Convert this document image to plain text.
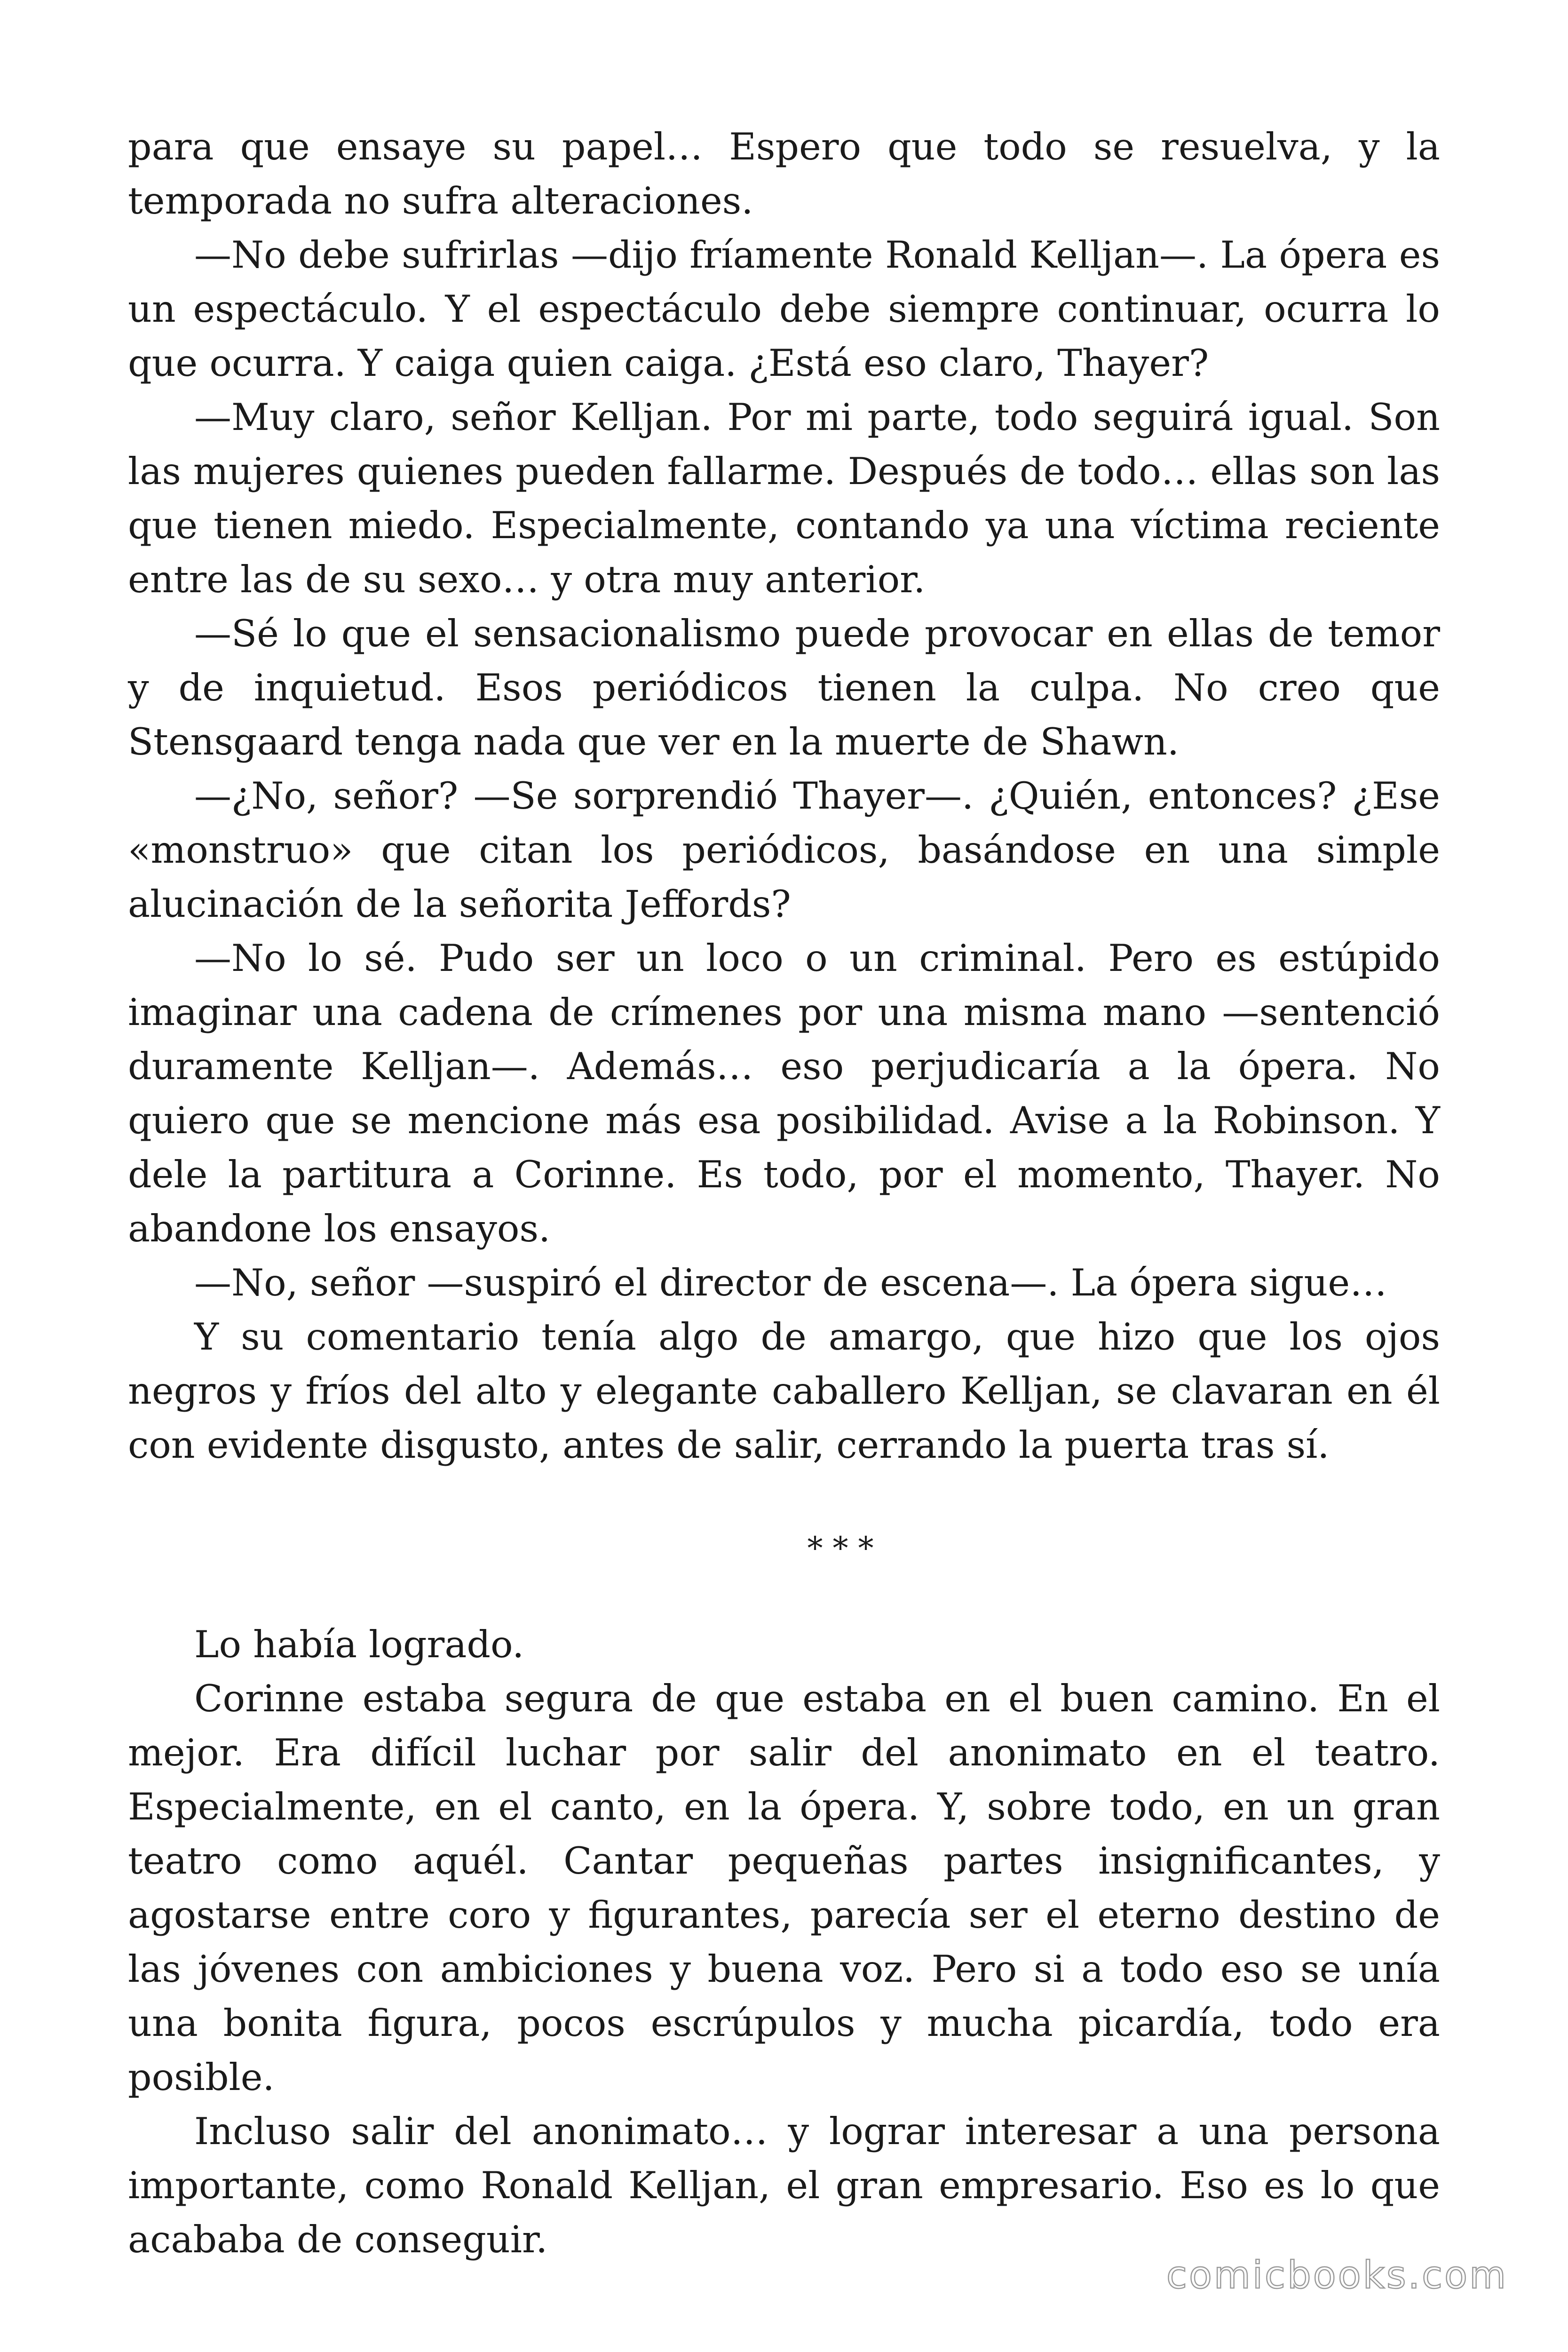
para que ensaye su papel… Espero que todo se resuelva, y la temporada no sufra alteraciones.

—No debe sufrirlas —dijo fríamente Ronald Kelljan—. La ópera es un espectáculo. Y el espectáculo debe siempre continuar, ocurra lo que ocurra. Y caiga quien caiga. ¿Está eso claro, Thayer?

—Muy claro, señor Kelljan. Por mi parte, todo seguirá igual. Son las mujeres quienes pueden fallarme. Después de todo… ellas son las que tienen miedo. Especialmente, contando ya una víctima reciente entre las de su sexo… y otra muy anterior.

—Sé lo que el sensacionalismo puede provocar en ellas de temor y de inquietud. Esos periódicos tienen la culpa. No creo que Stensgaard tenga nada que ver en la muerte de Shawn.

—¿No, señor? —Se sorprendió Thayer—. ¿Quién, entonces? ¿Ese «monstruo» que citan los periódicos, basándose en una simple alucinación de la señorita Jeffords?

—No lo sé. Pudo ser un loco o un criminal. Pero es estúpido imaginar una cadena de crímenes por una misma mano —sentenció duramente Kelljan—. Además… eso perjudicaría a la ópera. No quiero que se mencione más esa posibilidad. Avise a la Robinson. Y dele la partitura a Corinne. Es todo, por el momento, Thayer. No abandone los ensayos.

—No, señor —suspiró el director de escena—. La ópera sigue…

Y su comentario tenía algo de amargo, que hizo que los ojos negros y fríos del alto y elegante caballero Kelljan, se clavaran en él con evidente disgusto, antes de salir, cerrando la puerta tras sí.

* * *

Lo había logrado.

Corinne estaba segura de que estaba en el buen camino. En el mejor. Era difícil luchar por salir del anonimato en el teatro. Especialmente, en el canto, en la ópera. Y, sobre todo, en un gran teatro como aquél. Cantar pequeñas partes insignificantes, y agostarse entre coro y figurantes, parecía ser el eterno destino de las jóvenes con ambiciones y buena voz. Pero si a todo eso se unía una bonita figura, pocos escrúpulos y mucha picardía, todo era posible.

Incluso salir del anonimato… y lograr interesar a una persona importante, como Ronald Kelljan, el gran empresario. Eso es lo que acababa de conseguir.

comicbooks.com
